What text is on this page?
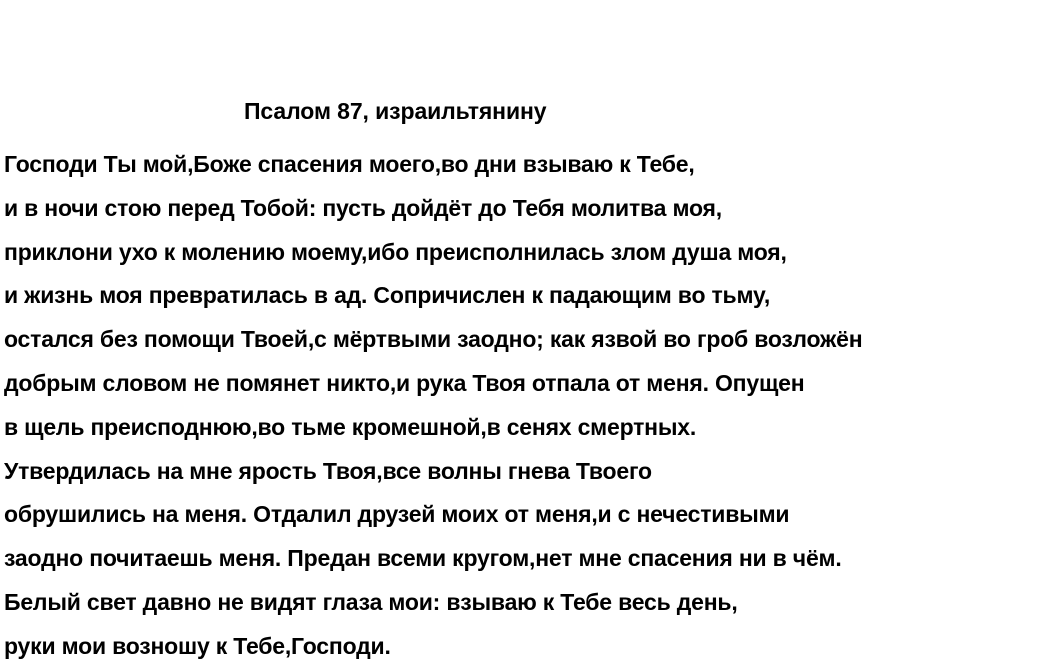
Псалом 87, израильтянину
Господи Ты мой,Боже спасения моего,во дни взываю к Тебе,
и в ночи стою перед Тобой: пусть дойдёт до Тебя молитва моя,
приклони ухо к молению моему,ибо преисполнилась злом душа моя,
и жизнь моя превратилась в ад. Сопричислен к падающим во тьму,
остался без помощи Твоей,с мёртвыми заодно; как язвой во гроб возложён
добрым словом не помянет никто,и рука Твоя отпала от меня. Опущен
в щель преисподнюю,во тьме кромешной,в сенях смертных.
Утвердилась на мне ярость Твоя,все волны гнева Твоего
обрушились на меня. Отдалил друзей моих от меня,и с нечестивыми
заодно почитаешь меня. Предан всеми кругом,нет мне спасения ни в чём.
Белый свет давно не видят глаза мои: взываю к Тебе весь день,
руки мои возношу к Тебе,Господи.
